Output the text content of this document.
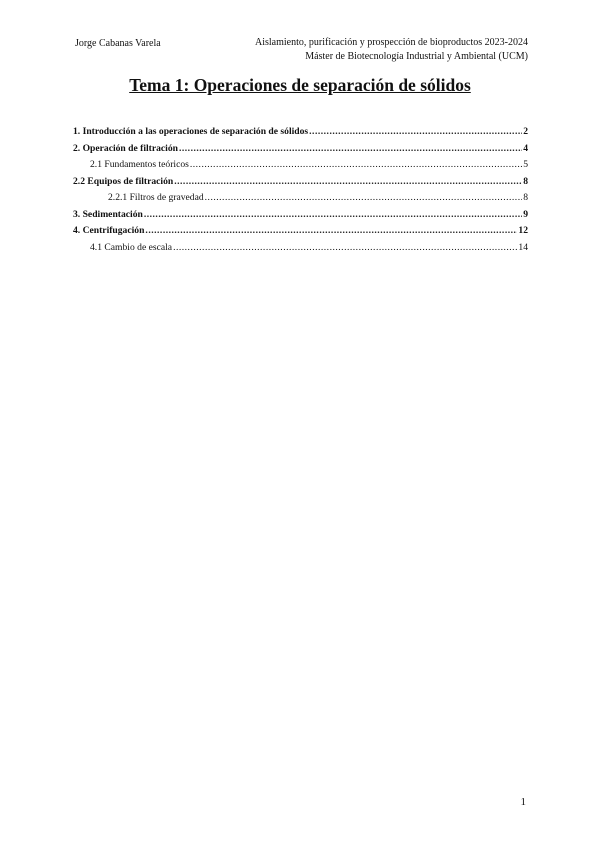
Jorge Cabanas Varela	Aislamiento, purificación y prospección de bioproductos 2023-2024
Máster de Biotecnología Industrial y Ambiental (UCM)
Tema 1: Operaciones de separación de sólidos
1. Introducción a las operaciones de separación de sólidos .....	2
2. Operación de filtración .....	4
2.1 Fundamentos teóricos .....	5
2.2 Equipos de filtración .....	8
2.2.1 Filtros de gravedad .....	8
3. Sedimentación .....	9
4. Centrifugación .....	12
4.1 Cambio de escala .....	14
1
